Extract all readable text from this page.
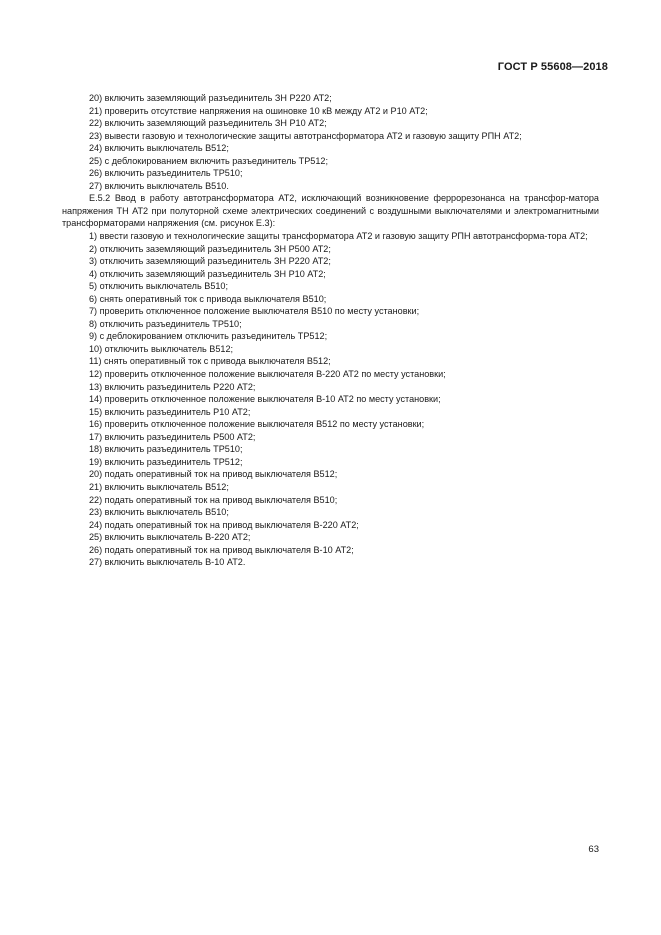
ГОСТ Р 55608—2018
20) включить заземляющий разъединитель ЗН Р220 АТ2;
21) проверить отсутствие напряжения на ошиновке 10 кВ между АТ2 и Р10 АТ2;
22) включить заземляющий разъединитель ЗН Р10 АТ2;
23) вывести газовую и технологические защиты автотрансформатора АТ2 и газовую защиту РПН АТ2;
24) включить выключатель В512;
25) с деблокированием включить разъединитель ТР512;
26) включить разъединитель ТР510;
27) включить выключатель В510.
Е.5.2 Ввод в работу автотрансформатора АТ2, исключающий возникновение феррорезонанса на трансфор-матора напряжения ТН АТ2 при полуторной схеме электрических соединений с воздушными выключателями и электромагнитными трансформаторами напряжения (см. рисунок Е.3):
1) ввести газовую и технологические защиты трансформатора АТ2 и газовую защиту РПН автотрансформа-тора АТ2;
2) отключить заземляющий разъединитель ЗН Р500 АТ2;
3) отключить заземляющий разъединитель ЗН Р220 АТ2;
4) отключить заземляющий разъединитель ЗН Р10 АТ2;
5) отключить выключатель В510;
6) снять оперативный ток с привода выключателя В510;
7) проверить отключенное положение выключателя В510 по месту установки;
8) отключить разъединитель ТР510;
9) с деблокированием отключить разъединитель ТР512;
10) отключить выключатель В512;
11) снять оперативный ток с привода выключателя В512;
12) проверить отключенное положение выключателя В-220 АТ2 по месту установки;
13) включить разъединитель Р220 АТ2;
14) проверить отключенное положение выключателя В-10 АТ2 по месту установки;
15) включить разъединитель Р10 АТ2;
16) проверить отключенное положение выключателя В512 по месту установки;
17) включить разъединитель Р500 АТ2;
18) включить разъединитель ТР510;
19) включить разъединитель ТР512;
20) подать оперативный ток на привод выключателя В512;
21) включить выключатель В512;
22) подать оперативный ток на привод выключателя В510;
23) включить выключатель В510;
24) подать оперативный ток на привод выключателя В-220 АТ2;
25) включить выключатель В-220 АТ2;
26) подать оперативный ток на привод выключателя В-10 АТ2;
27) включить выключатель В-10 АТ2.
63
